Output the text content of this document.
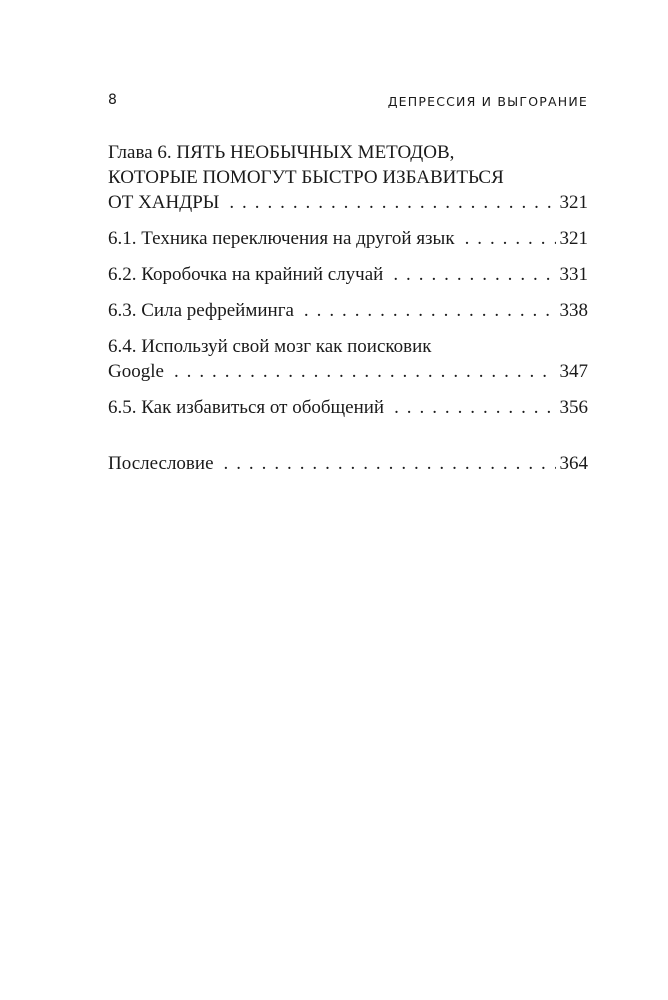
8	ДЕПРЕССИЯ И ВЫГОРАНИЕ
Глава 6. ПЯТЬ НЕОБЫЧНЫХ МЕТОДОВ,
КОТОРЫЕ ПОМОГУТ БЫСТРО ИЗБАВИТЬСЯ
ОТ ХАНДРЫ . . .	321
6.1. Техника переключения на другой язык . . .	321
6.2. Коробочка на крайний случай . . .	331
6.3. Сила рефрейминга . . .	338
6.4. Используй свой мозг как поисковик
Google . . .	347
6.5. Как избавиться от обобщений . . .	356
Послесловие . . .	364
